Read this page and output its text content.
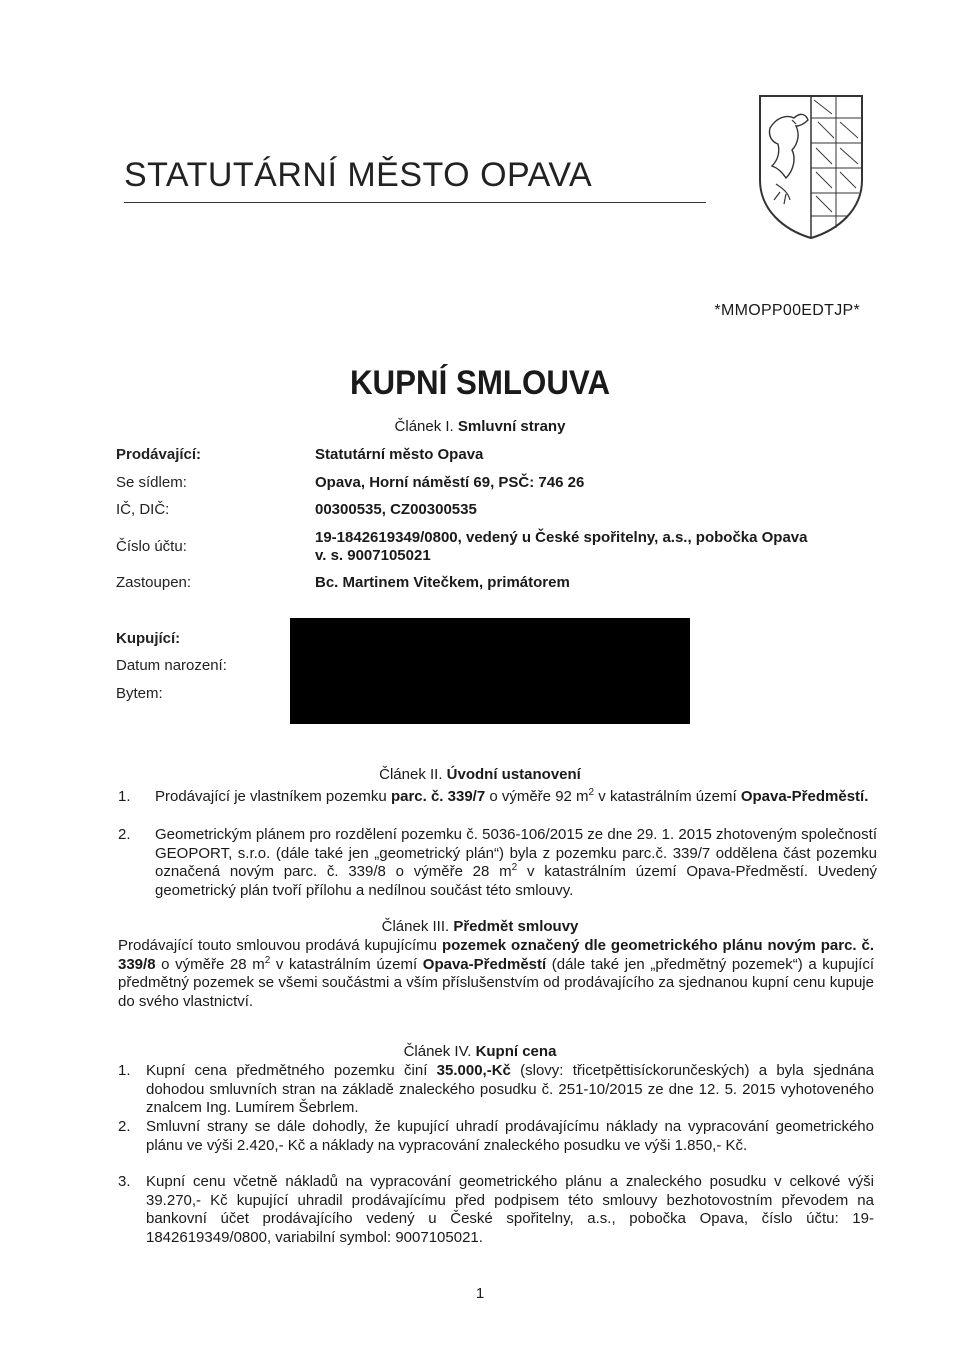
STATUTÁRNÍ MĚSTO OPAVA
*MMOPP00EDTJP*
KUPNÍ SMLOUVA
Článek I. Smluvní strany
Prodávající:	Statutární město Opava
Se sídlem:	Opava, Horní náměstí 69, PSČ: 746 26
IČ, DIČ:	00300535, CZ00300535
Číslo účtu:
19-1842619349/0800, vedený u České spořitelny, a.s., pobočka Opava
v. s. 9007105021
Zastoupen:	Bc. Martinem Vitečkem, primátorem
Kupující:
Datum narození:
Bytem:
Článek II. Úvodní ustanovení
1. Prodávající je vlastníkem pozemku parc. č. 339/7 o výměře 92 $m^2$ v katastrálním území Opava-Předměstí.
2. Geometrickým plánem pro rozdělení pozemku č. 5036-106/2015 ze dne 29. 1. 2015 zhotoveným společností GEOPORT, s.r.o. (dále také jen „geometrický plán“) byla z pozemku parc.č. 339/7 oddělena část pozemku označená novým parc. č. 339/8 o výměře 28 $m^2$ v katastrálním území Opava-Předměstí. Uvedený geometrický plán tvoří přílohu a nedílnou součást této smlouvy.
Článek III. Předmět smlouvy
Prodávající touto smlouvou prodává kupujícímu pozemek označený dle geometrického plánu novým parc. č. 339/8 o výměře 28 $m^2$ v katastrálním území Opava-Předměstí (dále také jen „předmětný pozemek“) a kupující předmětný pozemek se všemi součástmi a vším příslušenstvím od prodávajícího za sjednanou kupní cenu kupuje do svého vlastnictví.
Článek IV. Kupní cena
1. Kupní cena předmětného pozemku činí 35.000,-Kč (slovy: třicetpěttisíckorunčeských) a byla sjednána dohodou smluvních stran na základě znaleckého posudku č. 251-10/2015 ze dne 12. 5. 2015 vyhotoveného znalcem Ing. Lumírem Šebrlem.
2. Smluvní strany se dále dohodly, že kupující uhradí prodávajícímu náklady na vypracování geometrického plánu ve výši 2.420,- Kč a náklady na vypracování znaleckého posudku ve výši 1.850,- Kč.
3. Kupní cenu včetně nákladů na vypracování geometrického plánu a znaleckého posudku v celkové výši 39.270,- Kč kupující uhradil prodávajícímu před podpisem této smlouvy bezhotovostním převodem na bankovní účet prodávajícího vedený u České spořitelny, a.s., pobočka Opava, číslo účtu: 19-1842619349/0800, variabilní symbol: 9007105021.
1
